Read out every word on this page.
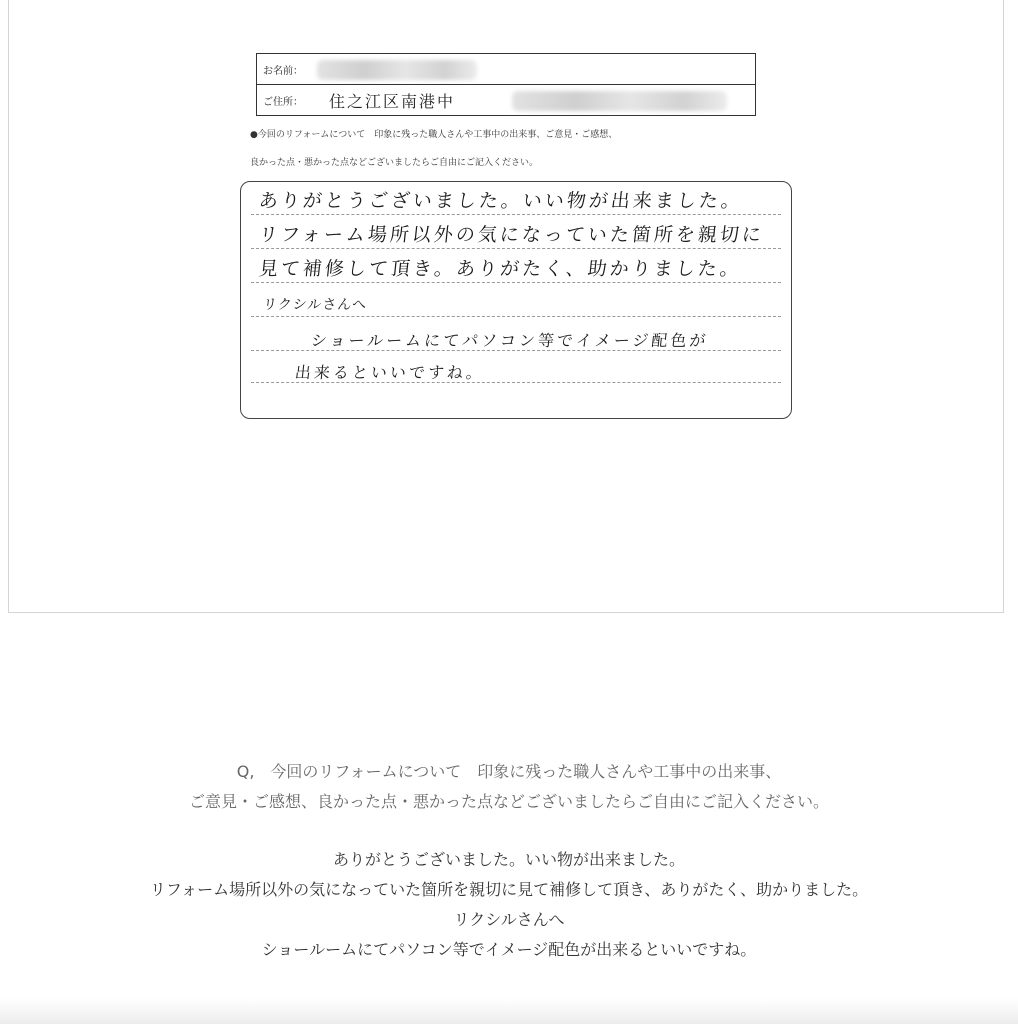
お名前：
ご住所： 住之江区南港中
●今回のリフォームについて　印象に残った職人さんや工事中の出来事、ご意見・ご感想、
良かった点・悪かった点などございましたらご自由にご記入ください。
ありがとうございました。いい物が出来ました。
リフォーム場所以外の気になっていた箇所を親切に
見て補修して頂き。ありがたく、助かりました。
リクシルさんへ
ショールームにてパソコン等でイメージ配色が
出来るといいですね。
Q,　今回のリフォームについて　印象に残った職人さんや工事中の出来事、
ご意見・ご感想、良かった点・悪かった点などございましたらご自由にご記入ください。
ありがとうございました。いい物が出来ました。
リフォーム場所以外の気になっていた箇所を親切に見て補修して頂き、ありがたく、助かりました。
リクシルさんへ
ショールームにてパソコン等でイメージ配色が出来るといいですね。
